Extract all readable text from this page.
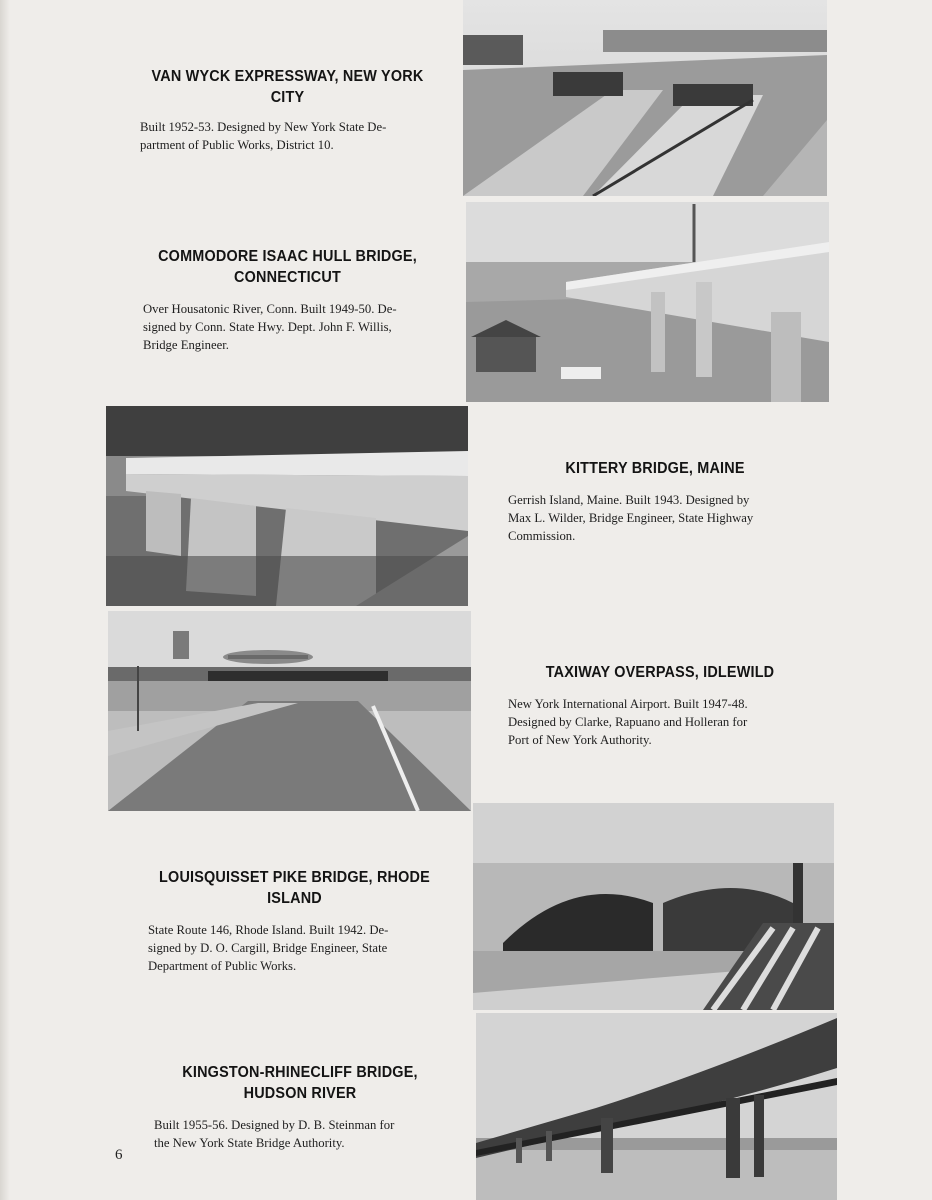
VAN WYCK EXPRESSWAY, NEW YORK CITY

Built 1952-53. Designed by New York State De-
partment of Public Works, District 10.

COMMODORE ISAAC HULL BRIDGE,
CONNECTICUT

Over Housatonic River, Conn. Built 1949-50. De-
signed by Conn. State Hwy. Dept. John F. Willis,
Bridge Engineer.

KITTERY BRIDGE, MAINE

Gerrish Island, Maine. Built 1943. Designed by
Max L. Wilder, Bridge Engineer, State Highway
Commission.

TAXIWAY OVERPASS, IDLEWILD

New York International Airport. Built 1947-48.
Designed by Clarke, Rapuano and Holleran for
Port of New York Authority.

LOUISQUISSET PIKE BRIDGE, RHODE ISLAND

State Route 146, Rhode Island. Built 1942. De-
signed by D. O. Cargill, Bridge Engineer, State
Department of Public Works.

KINGSTON-RHINECLIFF BRIDGE,
HUDSON RIVER

Built 1955-56. Designed by D. B. Steinman for
the New York State Bridge Authority.

6
